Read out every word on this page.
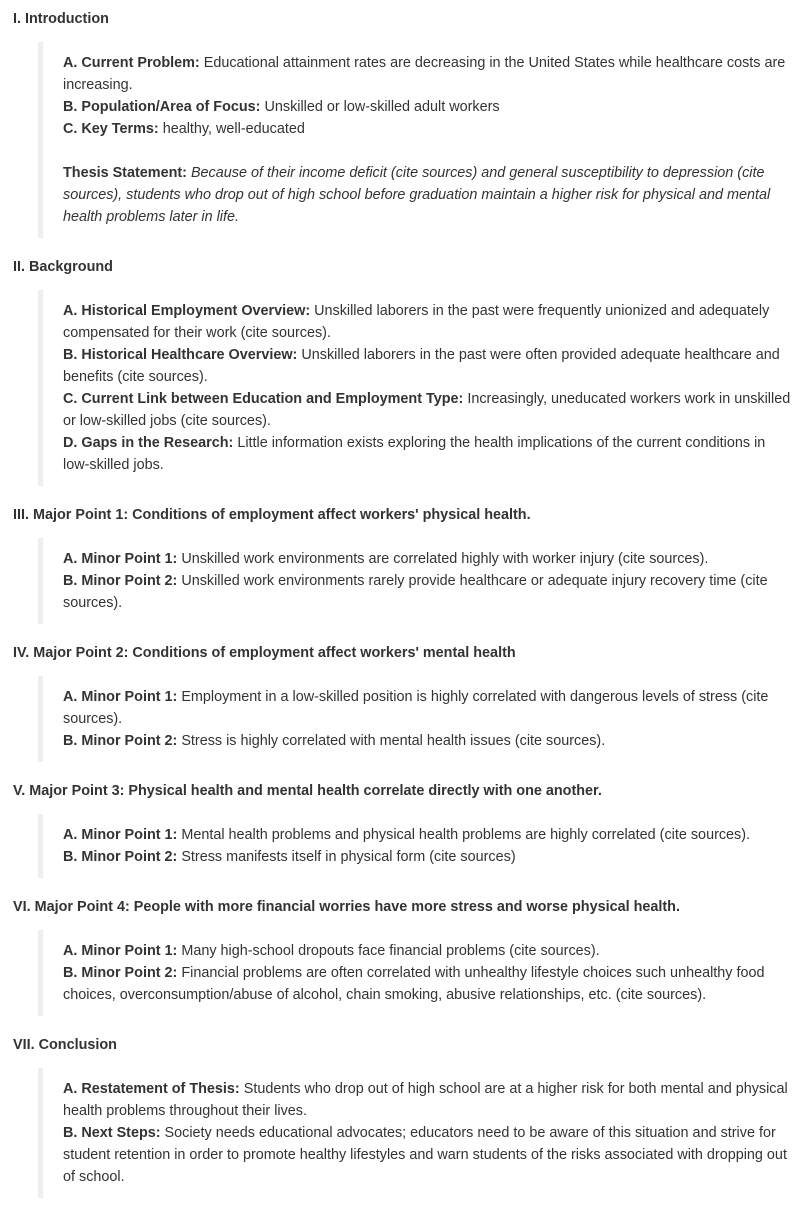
I. Introduction

A. Current Problem: Educational attainment rates are decreasing in the United States while healthcare costs are increasing.

B. Population/Area of Focus: Unskilled or low-skilled adult workers

C. Key Terms: healthy, well-educated

Thesis Statement: Because of their income deficit (cite sources) and general susceptibility to depression (cite sources), students who drop out of high school before graduation maintain a higher risk for physical and mental health problems later in life.

II. Background

A. Historical Employment Overview: Unskilled laborers in the past were frequently unionized and adequately compensated for their work (cite sources).

B. Historical Healthcare Overview: Unskilled laborers in the past were often provided adequate healthcare and benefits (cite sources).

C. Current Link between Education and Employment Type: Increasingly, uneducated workers work in unskilled or low-skilled jobs (cite sources).

D. Gaps in the Research: Little information exists exploring the health implications of the current conditions in low-skilled jobs.

III. Major Point 1: Conditions of employment affect workers' physical health.

A. Minor Point 1: Unskilled work environments are correlated highly with worker injury (cite sources).

B. Minor Point 2: Unskilled work environments rarely provide healthcare or adequate injury recovery time (cite sources).

IV. Major Point 2: Conditions of employment affect workers' mental health

A. Minor Point 1: Employment in a low-skilled position is highly correlated with dangerous levels of stress (cite sources).

B. Minor Point 2: Stress is highly correlated with mental health issues (cite sources).

V. Major Point 3: Physical health and mental health correlate directly with one another.

A. Minor Point 1: Mental health problems and physical health problems are highly correlated (cite sources).

B. Minor Point 2: Stress manifests itself in physical form (cite sources)

VI. Major Point 4: People with more financial worries have more stress and worse physical health.

A. Minor Point 1: Many high-school dropouts face financial problems (cite sources).

B. Minor Point 2: Financial problems are often correlated with unhealthy lifestyle choices such unhealthy food choices, overconsumption/abuse of alcohol, chain smoking, abusive relationships, etc. (cite sources).

VII. Conclusion

A. Restatement of Thesis: Students who drop out of high school are at a higher risk for both mental and physical health problems throughout their lives.

B. Next Steps: Society needs educational advocates; educators need to be aware of this situation and strive for student retention in order to promote healthy lifestyles and warn students of the risks associated with dropping out of school.
